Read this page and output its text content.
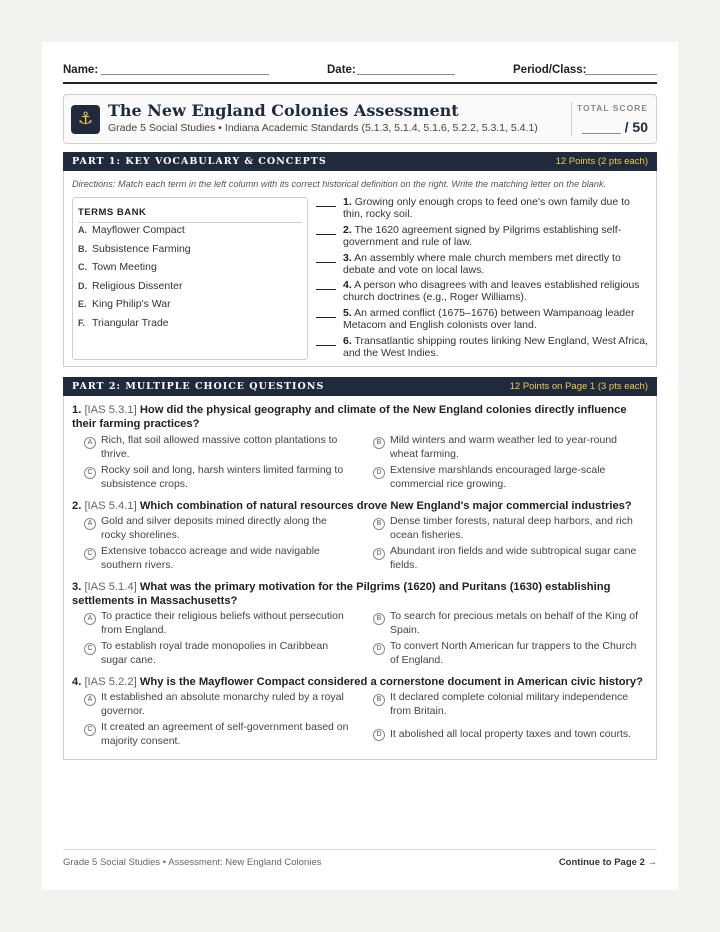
Name:	Date:	Period/Class:
⚓ The New England Colonies Assessment
Grade 5 Social Studies • Indiana Academic Standards (5.1.3, 5.1.4, 5.1.6, 5.2.2, 5.3.1, 5.4.1)
TOTAL SCORE
_____ / 50
PART 1: KEY VOCABULARY & CONCEPTS	12 Points (2 pts each)
Directions: Match each term in the left column with its correct historical definition on the right. Write the matching letter on the blank.
TERMS BANK
A. Mayflower Compact
B. Subsistence Farming
C. Town Meeting
D. Religious Dissenter
E. King Philip's War
F. Triangular Trade
1. Growing only enough crops to feed one's own family due to thin, rocky soil.
2. The 1620 agreement signed by Pilgrims establishing self-government and rule of law.
3. An assembly where male church members met directly to debate and vote on local laws.
4. A person who disagrees with and leaves established religious church doctrines (e.g., Roger Williams).
5. An armed conflict (1675–1676) between Wampanoag leader Metacom and English colonists over land.
6. Transatlantic shipping routes linking New England, West Africa, and the West Indies.
PART 2: MULTIPLE CHOICE QUESTIONS	12 Points on Page 1 (3 pts each)
1. [IAS 5.3.1] How did the physical geography and climate of the New England colonies directly influence their farming practices?
A Rich, flat soil allowed massive cotton plantations to thrive.
B Mild winters and warm weather led to year-round wheat farming.
C Rocky soil and long, harsh winters limited farming to subsistence crops.
D Extensive marshlands encouraged large-scale commercial rice growing.
2. [IAS 5.4.1] Which combination of natural resources drove New England's major commercial industries?
A Gold and silver deposits mined directly along the rocky shorelines.
B Dense timber forests, natural deep harbors, and rich ocean fisheries.
C Extensive tobacco acreage and wide navigable southern rivers.
D Abundant iron fields and wide subtropical sugar cane fields.
3. [IAS 5.1.4] What was the primary motivation for the Pilgrims (1620) and Puritans (1630) establishing settlements in Massachusetts?
A To practice their religious beliefs without persecution from England.
B To search for precious metals on behalf of the King of Spain.
C To establish royal trade monopolies in Caribbean sugar cane.
D To convert North American fur trappers to the Church of England.
4. [IAS 5.2.2] Why is the Mayflower Compact considered a cornerstone document in American civic history?
A It established an absolute monarchy ruled by a royal governor.
B It declared complete colonial military independence from Britain.
C It created an agreement of self-government based on majority consent.	D It abolished all local property taxes and town courts.
Grade 5 Social Studies • Assessment: New England Colonies	Continue to Page 2 →
